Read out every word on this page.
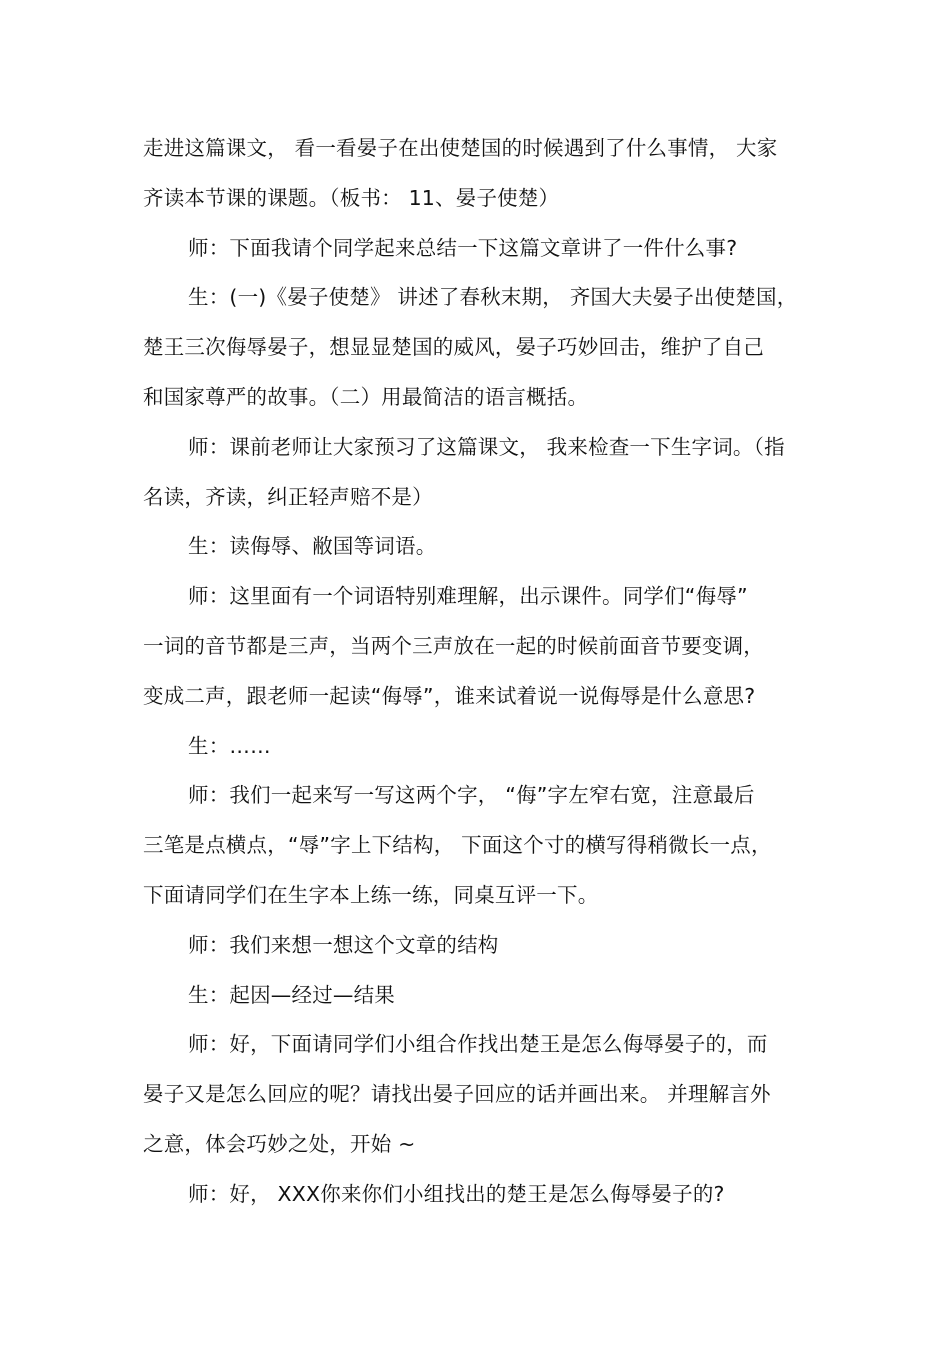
走进这篇课文， 看一看晏子在出使楚国的时候遇到了什么事情， 大家
齐读本节课的课题。（板书： 11、晏子使楚）
师：下面我请个同学起来总结一下这篇文章讲了一件什么事?
生：(一)《晏子使楚》 讲述了春秋末期， 齐国大夫晏子出使楚国，
楚王三次侮辱晏子，想显显楚国的威风，晏子巧妙回击，维护了自己
和国家尊严的故事。（二）用最简洁的语言概括。
师：课前老师让大家预习了这篇课文， 我来检查一下生字词。（指
名读，齐读，纠正轻声赔不是）
生：读侮辱、敝国等词语。
师：这里面有一个词语特别难理解，出示课件。同学们“侮辱”
一词的音节都是三声，当两个三声放在一起的时候前面音节要变调，
变成二声，跟老师一起读“侮辱”，谁来试着说一说侮辱是什么意思?
生：……
师：我们一起来写一写这两个字， “侮”字左窄右宽，注意最后
三笔是点横点，“辱”字上下结构， 下面这个寸的横写得稍微长一点，
下面请同学们在生字本上练一练，同桌互评一下。
师：我们来想一想这个文章的结构
生：起因—经过—结果
师：好，下面请同学们小组合作找出楚王是怎么侮辱晏子的，而
晏子又是怎么回应的呢？请找出晏子回应的话并画出来。 并理解言外
之意，体会巧妙之处，开始 ~
师：好， XXX你来你们小组找出的楚王是怎么侮辱晏子的?
